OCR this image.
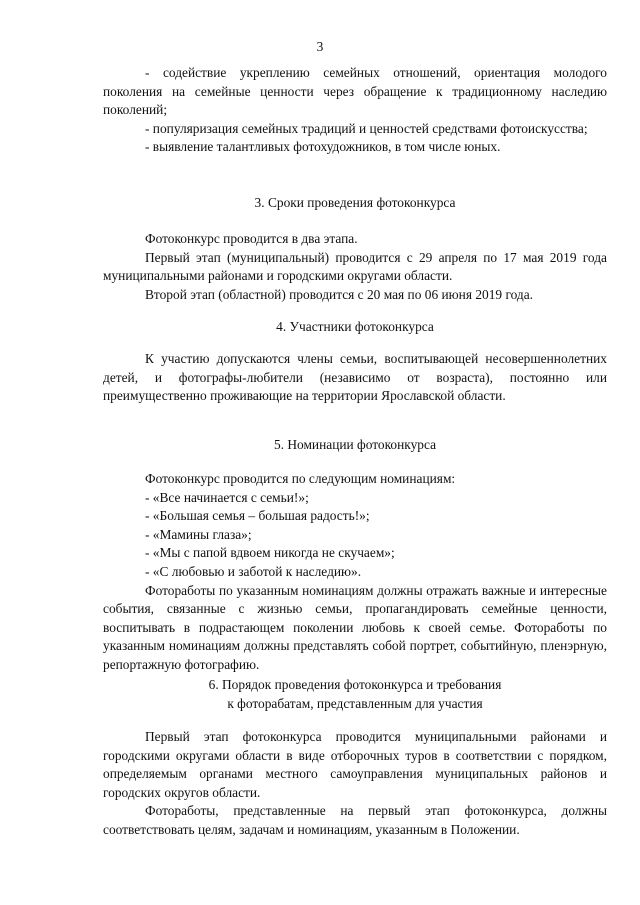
3

- содействие укреплению семейных отношений, ориентация молодого поколения на семейные ценности через обращение к традиционному наследию поколений;

- популяризация семейных традиций и ценностей средствами фотоискусства;

- выявление талантливых фотохудожников, в том числе юных.

3. Сроки проведения фотоконкурса

Фотоконкурс проводится в два этапа.

Первый этап (муниципальный) проводится с 29 апреля по 17 мая 2019 года муниципальными районами и городскими округами области.

Второй этап (областной) проводится с 20 мая по 06 июня 2019 года.

4. Участники фотоконкурса

К участию допускаются члены семьи, воспитывающей несовершеннолетних детей, и фотографы-любители (независимо от возраста), постоянно или преимущественно проживающие на территории Ярославской области.

5. Номинации фотоконкурса

Фотоконкурс проводится по следующим номинациям:

- «Все начинается с семьи!»;

- «Большая семья – большая радость!»;

- «Мамины глаза»;

- «Мы с папой вдвоем никогда не скучаем»;

- «С любовью и заботой к наследию».

Фотоработы по указанным номинациям должны отражать важные и интересные события, связанные с жизнью семьи, пропагандировать семейные ценности, воспитывать в подрастающем поколении любовь к своей семье. Фотоработы по указанным номинациям должны представлять собой портрет, событийную, пленэрную, репортажную фотографию.

6. Порядок проведения фотоконкурса и требования

к фоторабатам, представленным для участия

Первый этап фотоконкурса проводится муниципальными районами и городскими округами области в виде отборочных туров в соответствии с порядком, определяемым органами местного самоуправления муниципальных районов и городских округов области.

Фотоработы, представленные на первый этап фотоконкурса, должны соответствовать целям, задачам и номинациям, указанным в Положении.
